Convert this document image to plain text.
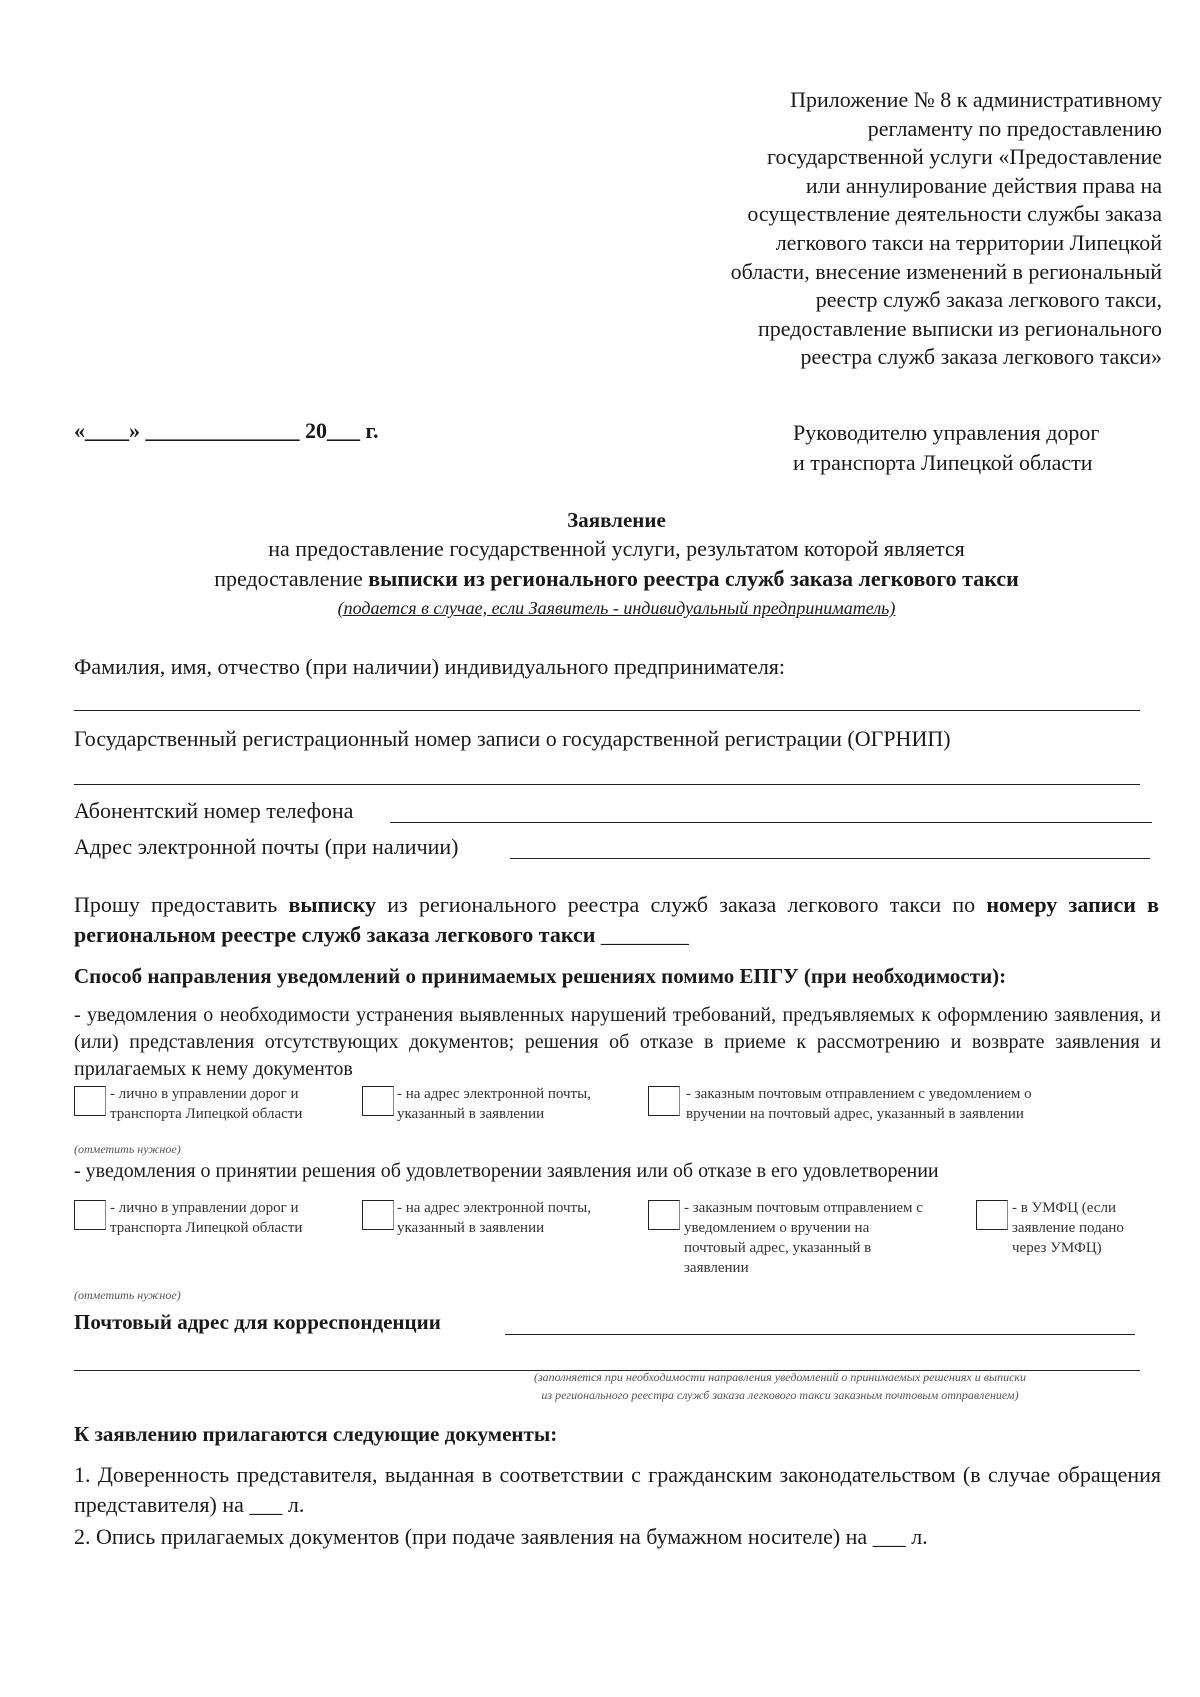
Приложение № 8 к административному
регламенту по предоставлению
государственной услуги «Предоставление
или аннулирование действия права на
осуществление деятельности службы заказа
легкового такси на территории Липецкой
области, внесение изменений в региональный
реестр служб заказа легкового такси,
предоставление выписки из регионального
реестра служб заказа легкового такси»
«____» ______________ 20___ г.	Руководителю управления дорог
и транспорта Липецкой области
Заявление
на предоставление государственной услуги, результатом которой является
предоставление выписки из регионального реестра служб заказа легкового такси
(подается в случае, если Заявитель - индивидуальный предприниматель)
Фамилия, имя, отчество (при наличии) индивидуального предпринимателя:
Государственный регистрационный номер записи о государственной регистрации (ОГРНИП)
Абонентский номер телефона
Адрес электронной почты (при наличии)
Прошу предоставить выписку из регионального реестра служб заказа легкового такси по номеру записи в региональном реестре служб заказа легкового такси ________
Способ направления уведомлений о принимаемых решениях помимо ЕПГУ (при необходимости):
- уведомления о необходимости устранения выявленных нарушений требований, предъявляемых к оформлению заявления, и (или) представления отсутствующих документов; решения об отказе в приеме к рассмотрению и возврате заявления и прилагаемых к нему документов
- лично в управлении дорог и
транспорта Липецкой области
- на адрес электронной почты,
указанный в заявлении
- заказным почтовым отправлением с уведомлением о
вручении на почтовый адрес, указанный в заявлении
(отметить нужное)
- уведомления о принятии решения об удовлетворении заявления или об отказе в его удовлетворении
- лично в управлении дорог и
транспорта Липецкой области
- на адрес электронной почты,
указанный в заявлении
- заказным почтовым отправлением с
уведомлением о вручении на
почтовый адрес, указанный в
заявлении
- в УМФЦ (если
заявление подано
через УМФЦ)
(отметить нужное)
Почтовый адрес для корреспонденции
(заполняется при необходимости направления уведомлений о принимаемых решениях и выписки
из регионального реестра служб заказа легкового такси заказным почтовым отправлением)
К заявлению прилагаются следующие документы:
1. Доверенность представителя, выданная в соответствии с гражданским законодательством (в случае обращения представителя) на ___ л.
2. Опись прилагаемых документов (при подаче заявления на бумажном носителе) на ___ л.
